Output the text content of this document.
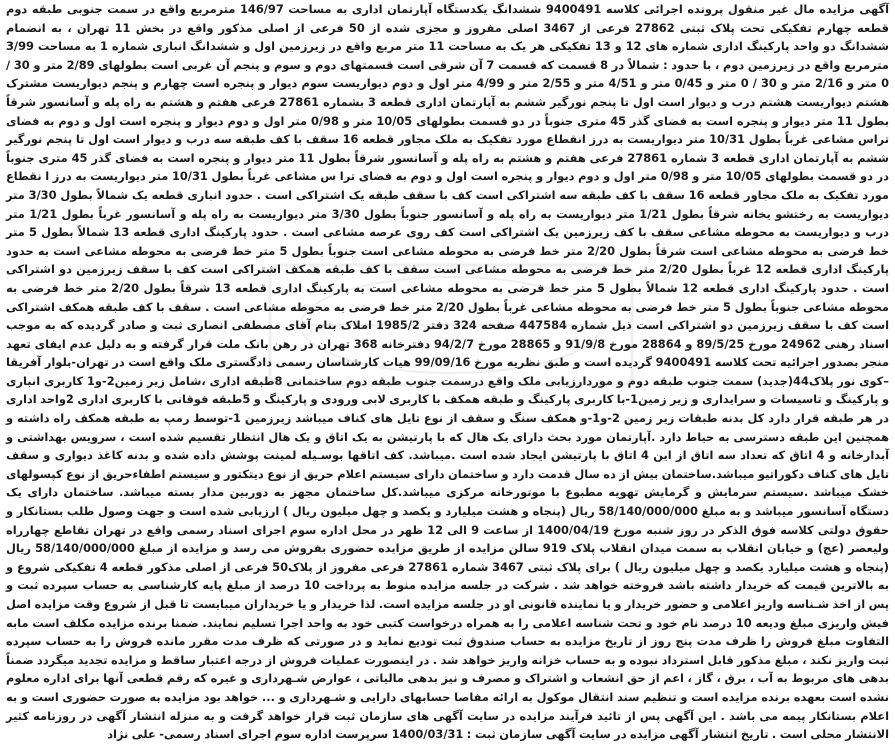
آگهی مزایده مال غیر منقول پرونده اجرائی کلاسه 9400491 ششدانگ یکدستگاه آپارتمان اداری به مساحت 146/97 مترمربع واقع در سمت جنوبی طبقه دوم قطعه چهارم تفکیکی تحت پلاک ثبتی 27862 فرعی از 3467 اصلی مفروز و مجزی شده از 50 فرعی از اصلی مذکور واقع در بخش 11 تهران ، به انضمام ششدانگ دو واحد پارکینگ اداری شماره های 12 و 13 تفکیکی هر یک به مساحت 11 متر مربع واقع در زیرزمین اول و ششدانگ انباری شماره 1 به مساحت 3/99 مترمربع واقع در زیرزمین دوم ، با حدود : شمالاً در 8 قسمت که قسمت 7 آن شرقی است قسمتهای دوم و سوم و پنجم آن غربی است بطولهای 2/89 متر و 30 / 0 متر و 2/16 متر و 30 / 0 متر و 0/45 متر و 4/51 متر و 2/55 متر و 4/99 متر اول و دوم دیواریست سوم دیوار و پنجره است چهارم و پنجم دیواریست مشترک هشتم دیواریست هشتم درب و دیوار است اول تا پنجم نورگیر ششم به آپارتمان اداری قطعه 3 بشماره 27861 فرعی هفتم و هشتم به راه پله و آسانسور شرقاً بطول 11 متر دیوار و پنجره است به فضای گذر 45 متری جنوباً در دو قسمت بطولهای 10/05 متر و 0/98 متر اول و دوم دیوار و پنجره است اول و دوم به فضای تراس مشاعی غرباً بطول 10/31 متر دیواریست به درز انقطاع مورد تفکیک به ملک مجاور قطعه 16 سقف با کف طبقه سه درب و دیوار است اول تا پنجم نورگیر ششم به آپارتمان اداری قطعه 3 شماره 27861 فرعی هفتم و هشتم به راه پله و آسانسور شرقاً بطول 11 متر دیوار و پنجره است به فضای گذر 45 متری جنوباً در دو قسمت بطولهای 10/05 متر و 0/98 متر اول و دوم دیوار و پنجره است اول و دوم به فضای ترا س مشاعی غرباً بطول 10/31 متر دیواریست به درز ا نقطاع مورد تفکیک به ملک مجاور قطعه 16 سقف با کف طبقه سه اشتراکی است کف با سقف طبقه یک اشتراکی است . حدود انباری قطعه یک شمالاً بطول 3/30 متر دیواریست به رختشو یخانه شرقاً بطول 1/21 متر دیواریست به راه پله و آسانسور جنوباً بطول 3/30 متر دیواریست به راه پله و آسانسور غرباً بطول 1/21 متر درب و دیواریست به محوطه مشاعی سقف با کف زیرزمین یک اشتراکی است کف روی عرصه مشاعی است . حدود پارکینگ اداری قطعه 13 شمالاً بطول 5 متر خط فرضی به محوطه مشاعی است شرقاً بطول 2/20 متر خط فرضی به محوطه مشاعی است جنوباً بطول 5 متر خط فرضی به محوطه مشاعی است به حدود پارکینگ اداری قطعه 12 غرباً بطول 2/20 متر خط فرضی به محوطه مشاعی است سقف با کف طبقه همکف اشتراکی است کف با سقف زیرزمین دو اشتراکی است . حدود پارکینگ اداری قطعه 12 شمالاً بطول 5 متر خط فرضی به محوطه مشاعی است به پارکینگ اداری قطعه 13 شرقاً بطول 2/20 متر خط فرضی به محوطه مشاعی جنوباً بطول 5 متر خط فرضی به محوطه مشاعی غرباً بطول 2/20 متر خط فرضی به محوطه مشاعی است . سقف با کف طبقه همکف اشتراکی است کف با سقف زیرزمین دو اشتراکی است ذیل شماره 447584 صفحه 324 دفتر 1985/2 املاک بنام آقای مصطفی انصاری ثبت و صادر گردیده که به موجب اسناد رهنی 24962 مورخ 89/5/25 و 28864 مورخ 91/9/8 و 28865 مورخ 94/2/7 دفترخانه 368 تهران در رهن بانک ملت قرار گرفته و به دلیل عدم ایفای تعهد منجر بصدور اجرائیه تحت کلاسه 9400491 گردیده است و طبق نظریه مورخ 99/09/16 هیات کارشناسان رسمی دادگستری ملک واقع است در تهران-بلوار آفریقا –کوی نور پلاک44(جدید) سمت جنوب طبقه دوم و موردارزیابی ملک واقع درسمت جنوب طبقه دوم ساختمانی 8طبقه اداری ،شامل زیر زمین2-و1 کاربری انباری و پارکینگ و تاسیسات و سرایداری و زیر زمین1-با کاربری پارکینگ و طبقه همکف با کاربری لابی ورودی و پارکینگ و 5طبقه فوقانی با کاربری اداری 2واحد اداری در هر طبقه قرار دارد کل بدنه طبقات زیر زمین 2-و1-و همکف سنگ و سقف از نوع تایل های کناف میباشد زیرزمین 1-توسط رمپ به طبقه همکف راه داشته و همچنین این طبقه دسترسی به حیاط دارد .آپارتمان مورد بحث دارای یک هال که با پارتیشن به یک اتاق و یک هال انتظار تقسیم شده است ، سرویس بهداشتی و آبدارخانه و 4 اتاق که تعداد سه اتاق از این 4 اتاق با پارتیشن ایجاد شده است .میباشد. کف اتاقها بوسـیله لمینت پوشش داده شده و بدنه کاغذ دیواری و سقف تایل های کناف دکوراتیو میباشد.ساختمان بیش از ده سال قدمت دارد و ساختمان دارای سیستم اعلام حریق از نوع دیتکتور و سیستم اطفاءحریق از نوع کپسولهای خشک میباشد .سیستم سرمایش و گرمایش تهویه مطبوع با موتورخانه مرکزی میباشد.کل ساختمان مجهز به دوربین مدار بسته میباشد. ساختمان دارای یک دستگاه آسانسور میباشد و به مبلغ 58/140/000/000 ریال (پنجاه و هشت میلیارد و یکصد و چهل میلیون ریال ) ارزیابی شده است و جهت وصول طلب بستانکار و حقوق دولتی کلاسه فوق الذکر در روز شنبه مورخ 1400/04/19 از ساعت 9 الی 12 ظهر در محل اداره سوم اجرای اسناد رسمی واقع در تهران تقاطع چهارراه ولیعصر (عج) و خیابان انقلاب به سمت میدان انقلاب پلاک 919 سالن مزایده از طریق مزایده حضوری بفروش می رسد و مزایده از مبلغ 58/140/000/000 ریال (پنجاه و هشت میلیارد یکصد و چهل میلیون ریال ) برای پلاک ثبتی 3467 شماره 27861 فرعی مفروز از پلاک50 فرعی از اصلی مذکور قطعه 4 تفکیکی شروع و به بالاترین قیمت که خریدار داشته باشد فروخته خواهد شد . شرکت در جلسه مزایده منوط به پرداخت 10 درصد از مبلغ پایه کارشناسی به حساب سپرده ثبت و پس از اخذ شـناسه واریز اعلامی و حضور خریدار و یا نماینده قانونی او در جلسه مزایده است. لذا خریدار و یا خریداران میبایست تا قبل از شروع وقت مزایده اصل فیش واریزی مبلغ ودیعه 10 درصد نام خود و تحت شناسه اعلامی را به همراه درخواست کتبی خود به واحد اجرا تسلیم نمایند. ضمنا برنده مزایده مکلف است مابه التفاوت مبلغ فروش را ظرف مدت پنج روز از تاریخ مزایده به حساب صندوق ثبت تودیع نماید و در صورتی که ظرف مدت مقرر مانده فروش را به حساب سپرده ثبت واریز نکند ، مبلغ مذکور قابل استرداد نبوده و به حساب خزانه واریز خواهد شد . در اینصورت عملیات فروش از درجه اعتبار ساقط و مزایده تجدید میگردد ضمناً بدهی های مربوط به آب ، برق ، گاز ، اعم از حق انشعاب و اشتراک و مصرف و نیز بدهی مالیاتی ، عوارض شـهرداری و غیره که رقم قطعی آنها برای اداره معلوم نشده است بعهده برنده مزایده است و تنظیم سند انتقال موکول به ارائه مفاصا حسابهای دارایی و شـهرداری و ... خواهد بود مزایده به صورت حضوری است و به اعلام بستانکار پیمه می باشد . این آگهی پس از تائید فرآیند مزایده در سایت آگهی های سازمان ثبت قرار خواهد گرفت و به منزله انتشار آگهی در روزنامه کثیر الانتشار محلی است . تاریخ انتشار آگهی مزایده در سایت آگهی سازمان ثبت : 1400/03/31 سرپرست اداره سوم اجرای اسناد رسمی- علی نژاد
